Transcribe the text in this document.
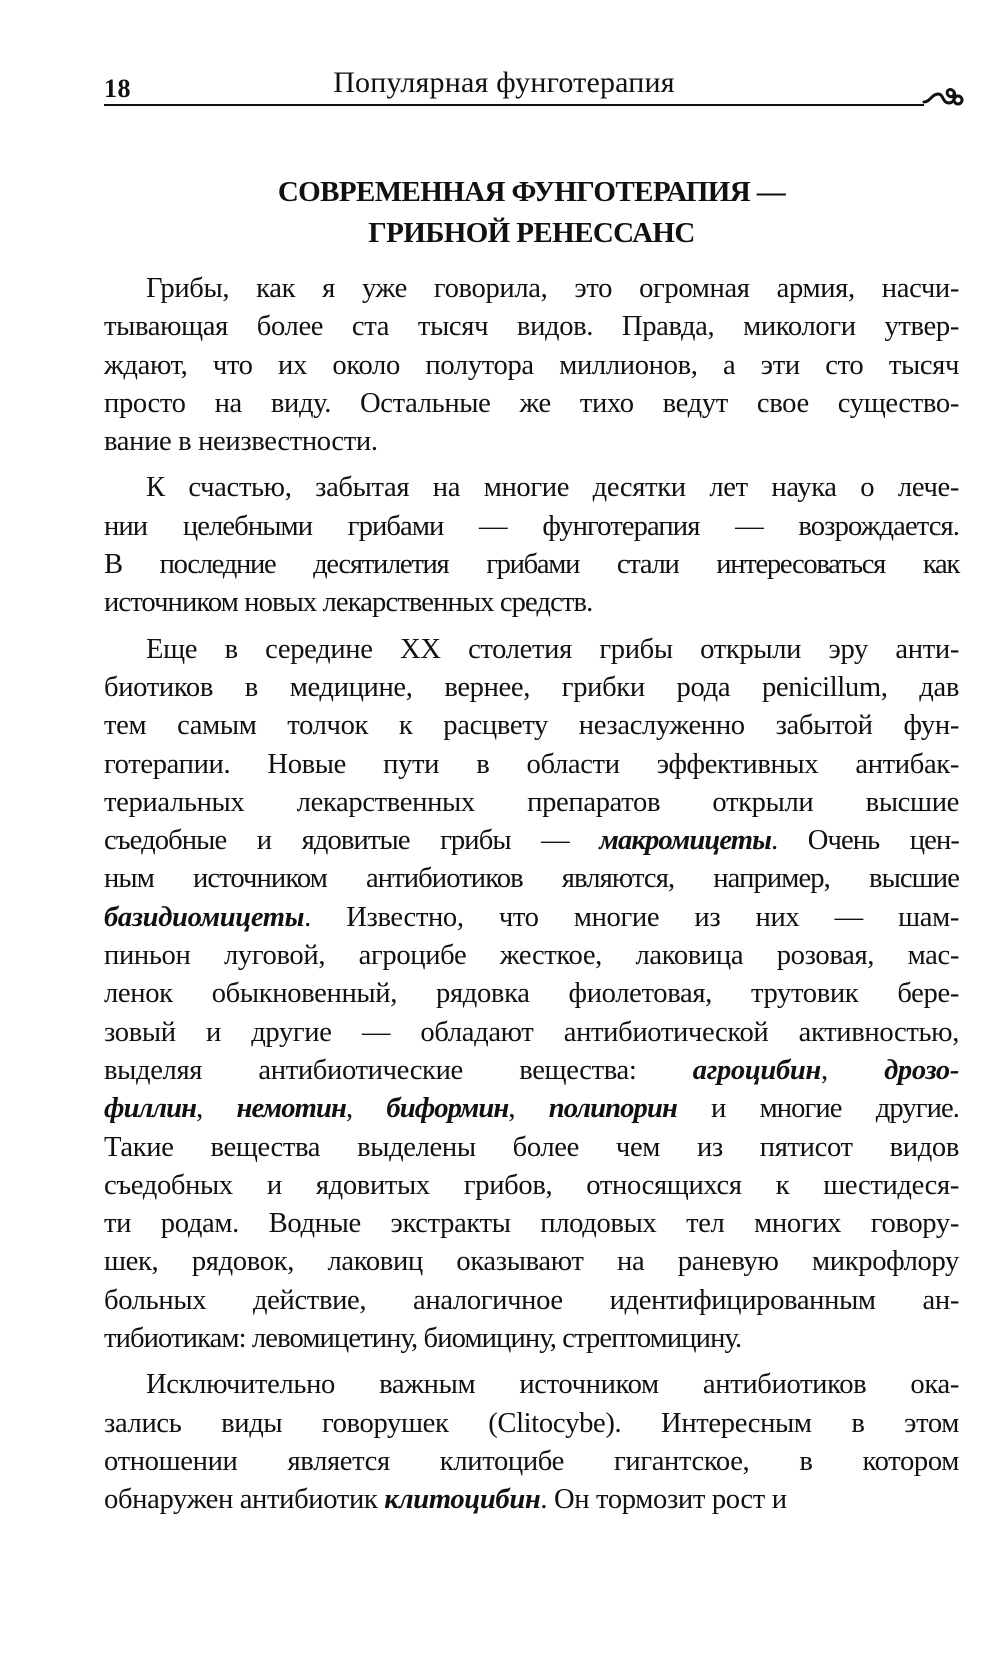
18	Популярная фунготерапия
СОВРЕМЕННАЯ ФУНГОТЕРАПИЯ —
ГРИБНОЙ РЕНЕССАНС

Грибы, как я уже говорила, это огромная армия, насчи-
тывающая более ста тысяч видов. Правда, микологи утвер-
ждают, что их около полутора миллионов, а эти сто тысяч
просто на виду. Остальные же тихо ведут свое существо-
вание в неизвестности.

К счастью, забытая на многие десятки лет наука о лече-
нии целебными грибами — фунготерапия — возрождается.
В последние десятилетия грибами стали интересоваться как
источником новых лекарственных средств.

Еще в середине XX столетия грибы открыли эру анти-
биотиков в медицине, вернее, грибки рода penicillum, дав
тем самым толчок к расцвету незаслуженно забытой фун-
готерапии. Новые пути в области эффективных антибак-
териальных лекарственных препаратов открыли высшие
съедобные и ядовитые грибы — макромицеты. Очень цен-
ным источником антибиотиков являются, например, высшие
базидиомицеты. Известно, что многие из них — шам-
пиньон луговой, агроцибе жесткое, лаковица розовая, мас-
ленок обыкновенный, рядовка фиолетовая, трутовик бере-
зовый и другие — обладают антибиотической активностью,
выделяя антибиотические вещества: агроцибин, дрозо-
филлин, немотин, биформин, полипорин и многие другие.
Такие вещества выделены более чем из пятисот видов
съедобных и ядовитых грибов, относящихся к шестидеся-
ти родам. Водные экстракты плодовых тел многих говору-
шек, рядовок, лаковиц оказывают на раневую микрофлору
больных действие, аналогичное идентифицированным ан-
тибиотикам: левомицетину, биомицину, стрептомицину.

Исключительно важным источником антибиотиков ока-
зались виды говорушек (Clitocybe). Интересным в этом
отношении является клитоцибе гигантское, в котором
обнаружен антибиотик клитоцибин. Он тормозит рост и
